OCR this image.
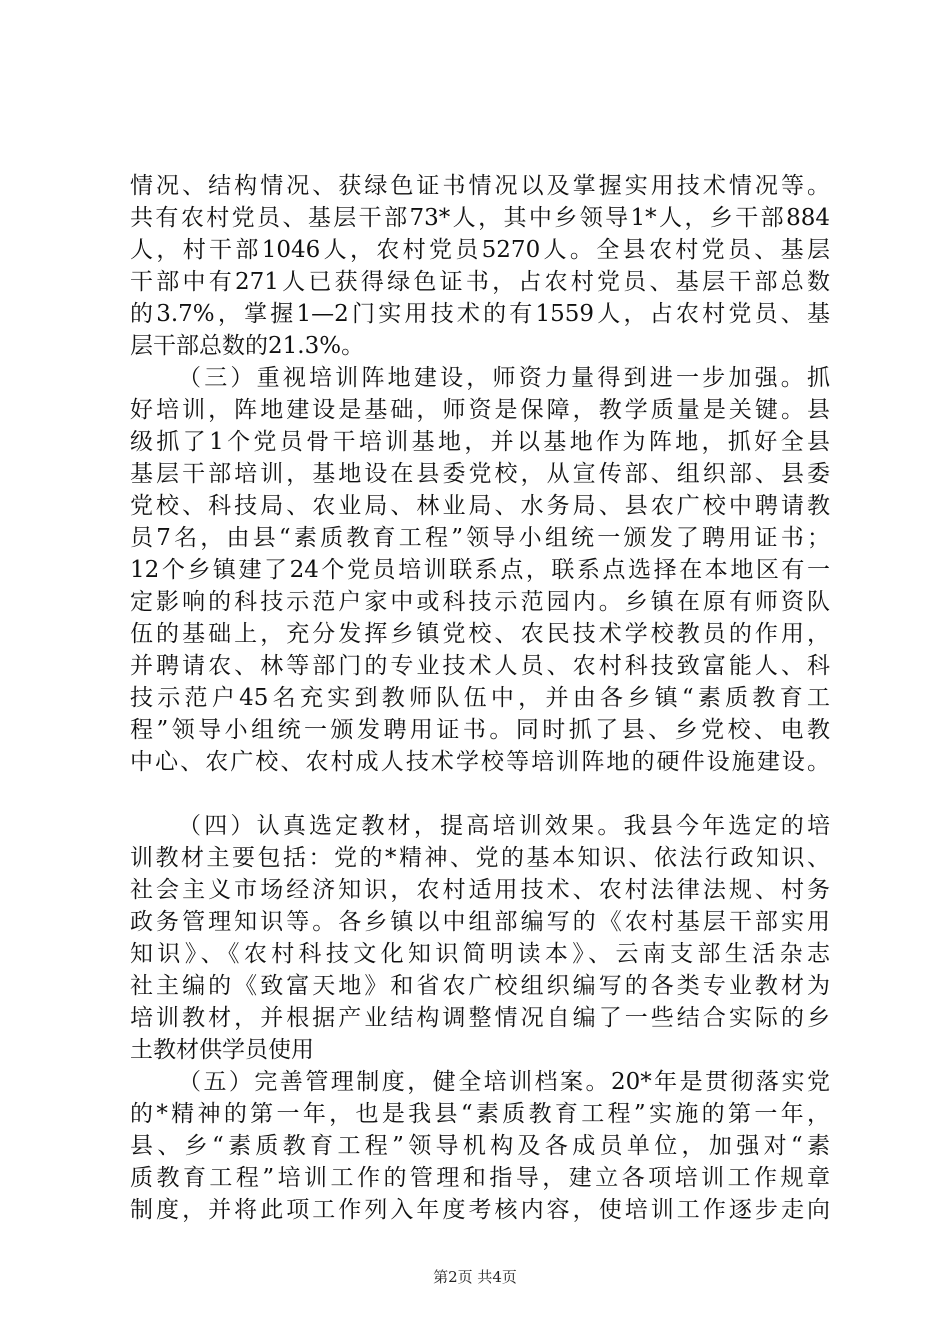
情况、结构情况、获绿色证书情况以及掌握实用技术情况等。
共有农村党员、基层干部73*人，其中乡领导1*人，乡干部884
人，村干部1046人，农村党员5270人。全县农村党员、基层
干部中有271人已获得绿色证书，占农村党员、基层干部总数
的3.7%，掌握1—2门实用技术的有1559人，占农村党员、基
层干部总数的21.3%。
（三）重视培训阵地建设，师资力量得到进一步加强。抓
好培训，阵地建设是基础，师资是保障，教学质量是关键。县
级抓了1个党员骨干培训基地，并以基地作为阵地，抓好全县
基层干部培训，基地设在县委党校，从宣传部、组织部、县委
党校、科技局、农业局、林业局、水务局、县农广校中聘请教
员7名，由县“素质教育工程”领导小组统一颁发了聘用证书；
12个乡镇建了24个党员培训联系点，联系点选择在本地区有一
定影响的科技示范户家中或科技示范园内。乡镇在原有师资队
伍的基础上，充分发挥乡镇党校、农民技术学校教员的作用，
并聘请农、林等部门的专业技术人员、农村科技致富能人、科
技示范户45名充实到教师队伍中，并由各乡镇“素质教育工
程”领导小组统一颁发聘用证书。同时抓了县、乡党校、电教
中心、农广校、农村成人技术学校等培训阵地的硬件设施建设。
（四）认真选定教材，提高培训效果。我县今年选定的培
训教材主要包括：党的*精神、党的基本知识、依法行政知识、
社会主义市场经济知识，农村适用技术、农村法律法规、村务
政务管理知识等。各乡镇以中组部编写的《农村基层干部实用
知识》、《农村科技文化知识简明读本》、云南支部生活杂志
社主编的《致富天地》和省农广校组织编写的各类专业教材为
培训教材，并根据产业结构调整情况自编了一些结合实际的乡
土教材供学员使用
（五）完善管理制度，健全培训档案。20*年是贯彻落实党
的*精神的第一年，也是我县“素质教育工程”实施的第一年，
县、乡“素质教育工程”领导机构及各成员单位，加强对“素
质教育工程”培训工作的管理和指导，建立各项培训工作规章
制度，并将此项工作列入年度考核内容，使培训工作逐步走向
第2页 共4页
